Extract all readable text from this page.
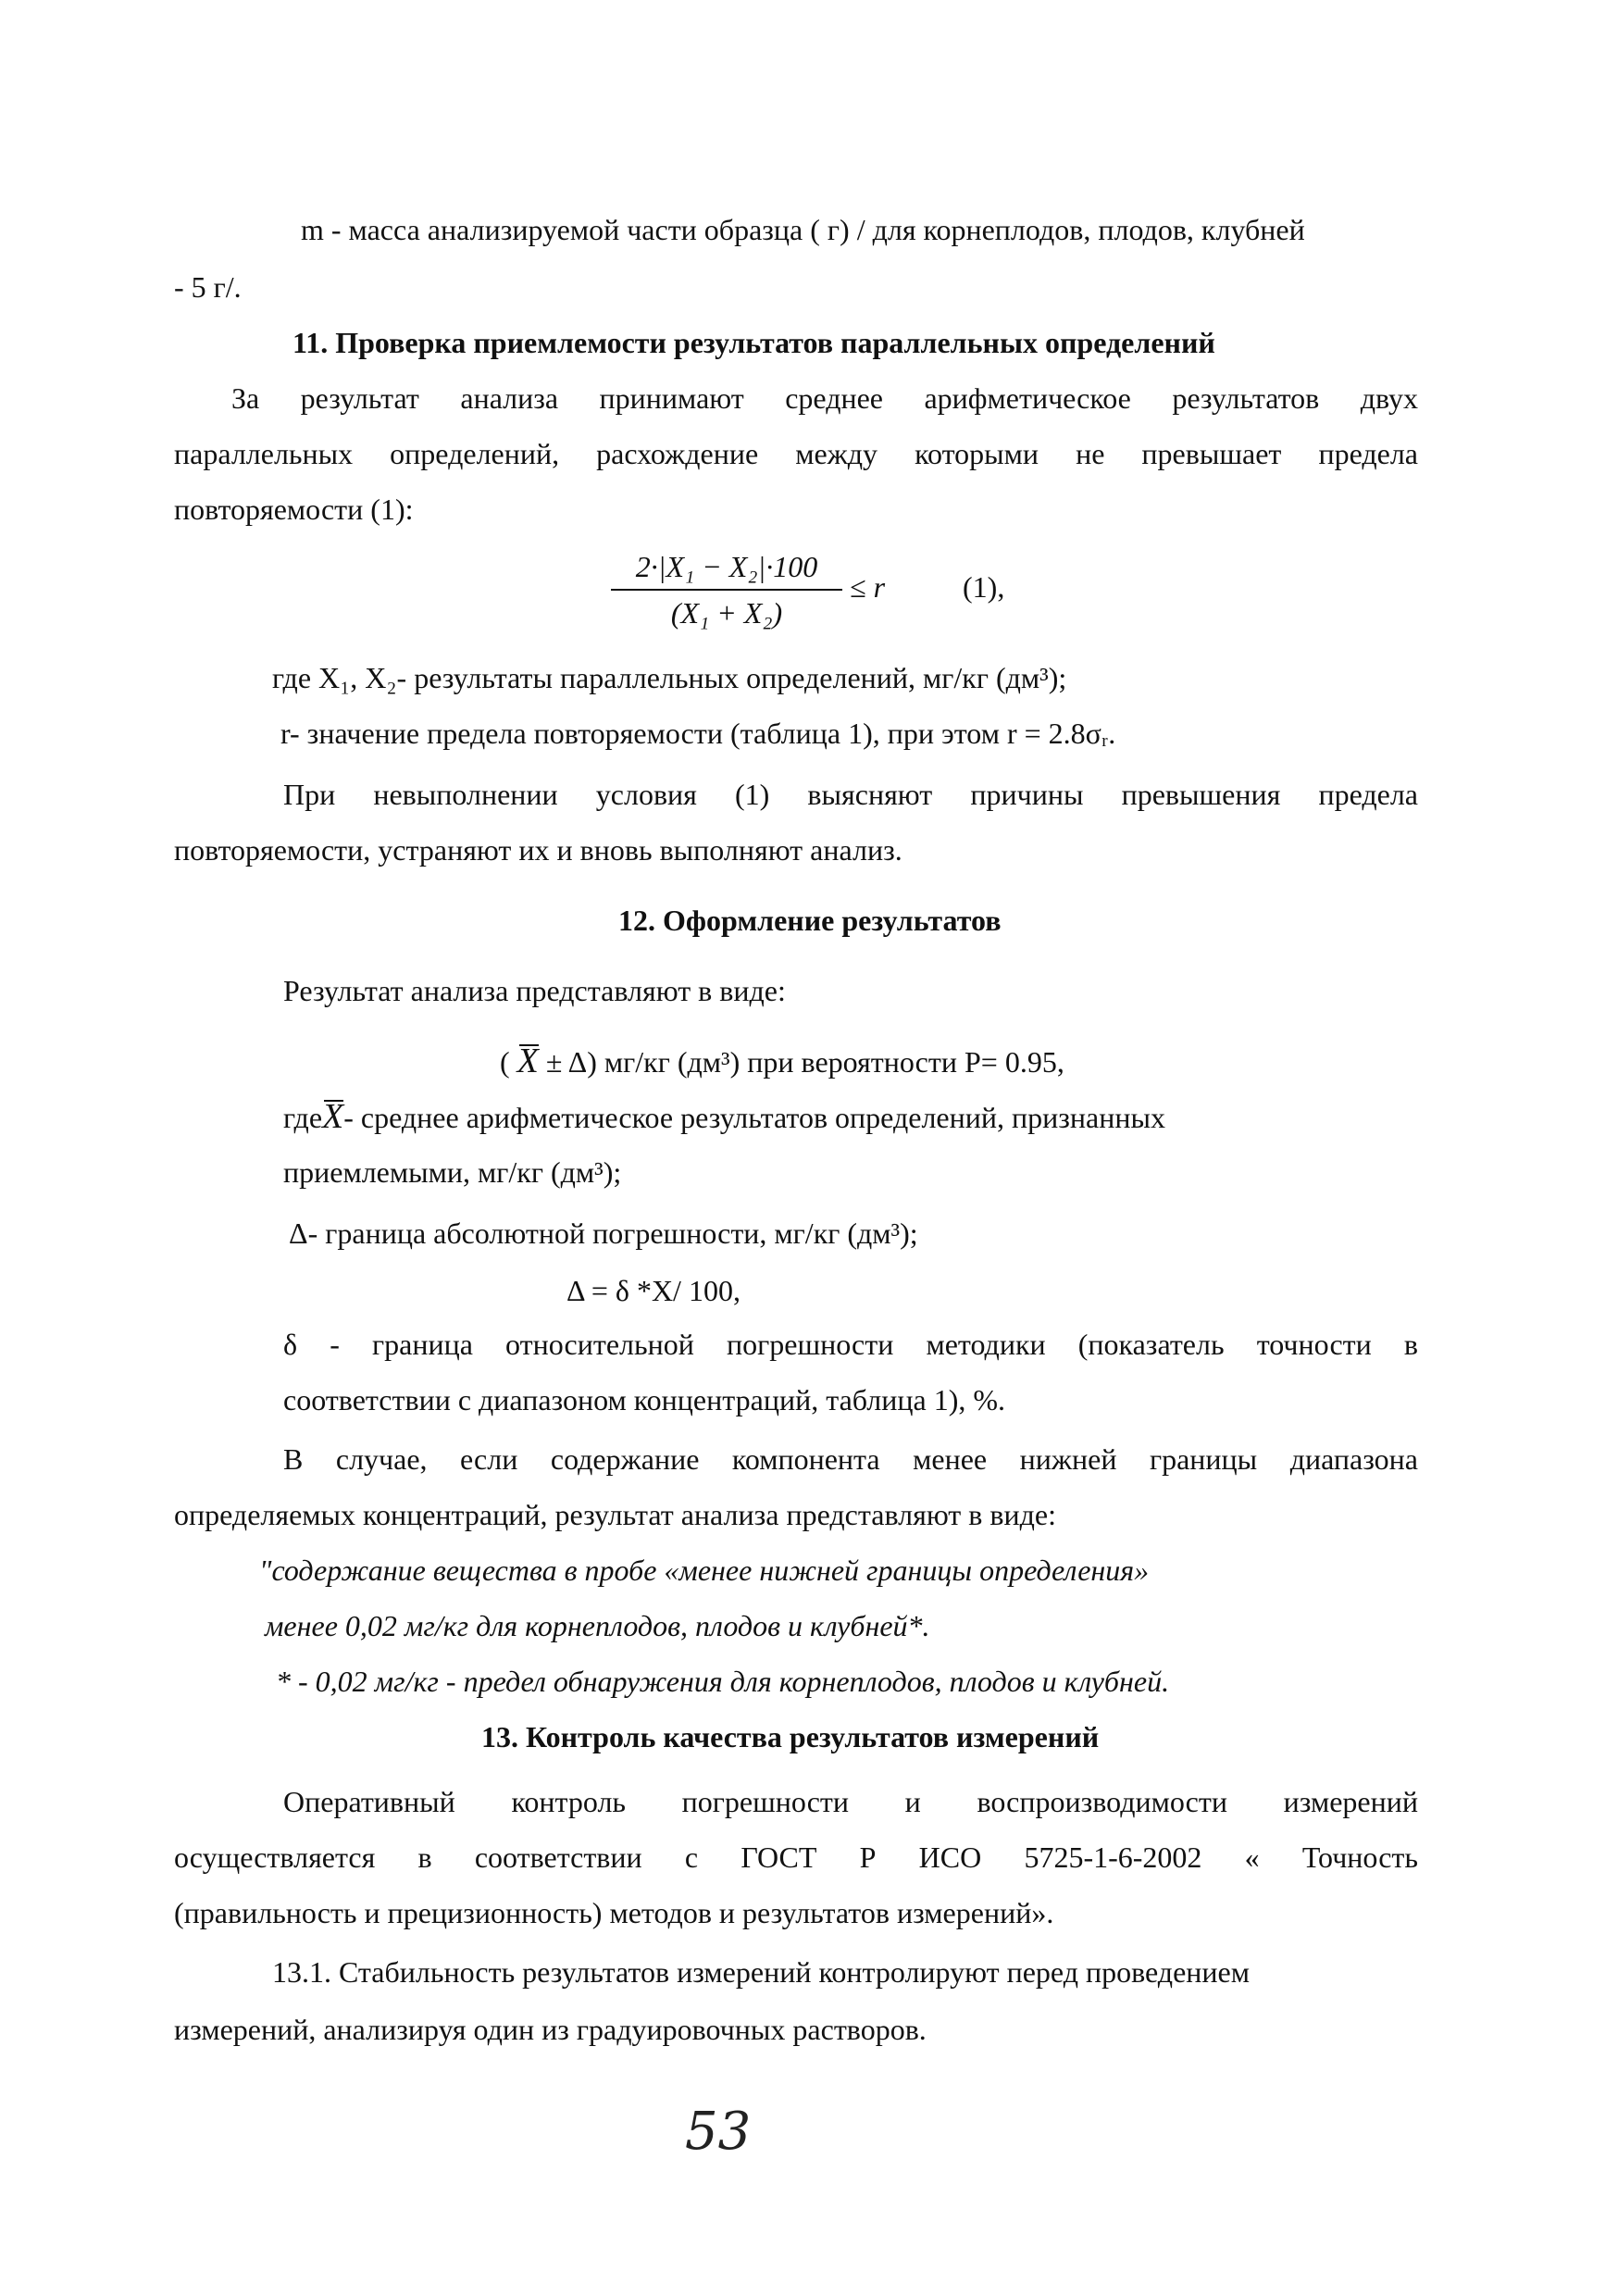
m - масса анализируемой части образца ( г) / для корнеплодов, плодов, клубней
- 5 г/.
11. Проверка приемлемости результатов параллельных определений
За результат анализа принимают среднее арифметическое результатов двух
параллельных определений, расхождение между которыми не превышает предела
повторяемости (1):
2·|X₁ − X₂|·100
(X₁ + X₂)
≤ r	(1),
где X₁, X₂- результаты параллельных определений, мг/кг (дм³);
r- значение предела повторяемости (таблица 1), при этом r = 2.8σᵣ.
При невыполнении условия (1) выясняют причины превышения предела
повторяемости, устраняют их и вновь выполняют анализ.
12. Оформление результатов
Результат анализа представляют в виде:
( X ± Δ) мг/кг (дм³) при вероятности Р= 0.95,
гдеX- среднее арифметическое результатов определений, признанных
приемлемыми, мг/кг (дм³);
Δ- граница абсолютной погрешности, мг/кг (дм³);
Δ = δ *X/ 100,
δ - граница относительной погрешности методики (показатель точности в
соответствии с диапазоном концентраций, таблица 1), %.
В случае, если содержание компонента менее нижней границы диапазона
определяемых концентраций, результат анализа представляют в виде:
"содержание вещества в пробе «менее нижней границы определения»
менее 0,02 мг/кг для корнеплодов, плодов и клубней*.
* - 0,02 мг/кг - предел обнаружения для корнеплодов, плодов и клубней.
13. Контроль качества результатов измерений
Оперативный контроль погрешности и воспроизводимости измерений
осуществляется в соответствии с ГОСТ Р ИСО 5725-1-6-2002 « Точность
(правильность и прецизионность) методов и результатов измерений».
13.1. Стабильность результатов измерений контролируют перед проведением
измерений, анализируя один из градуировочных растворов.
53
